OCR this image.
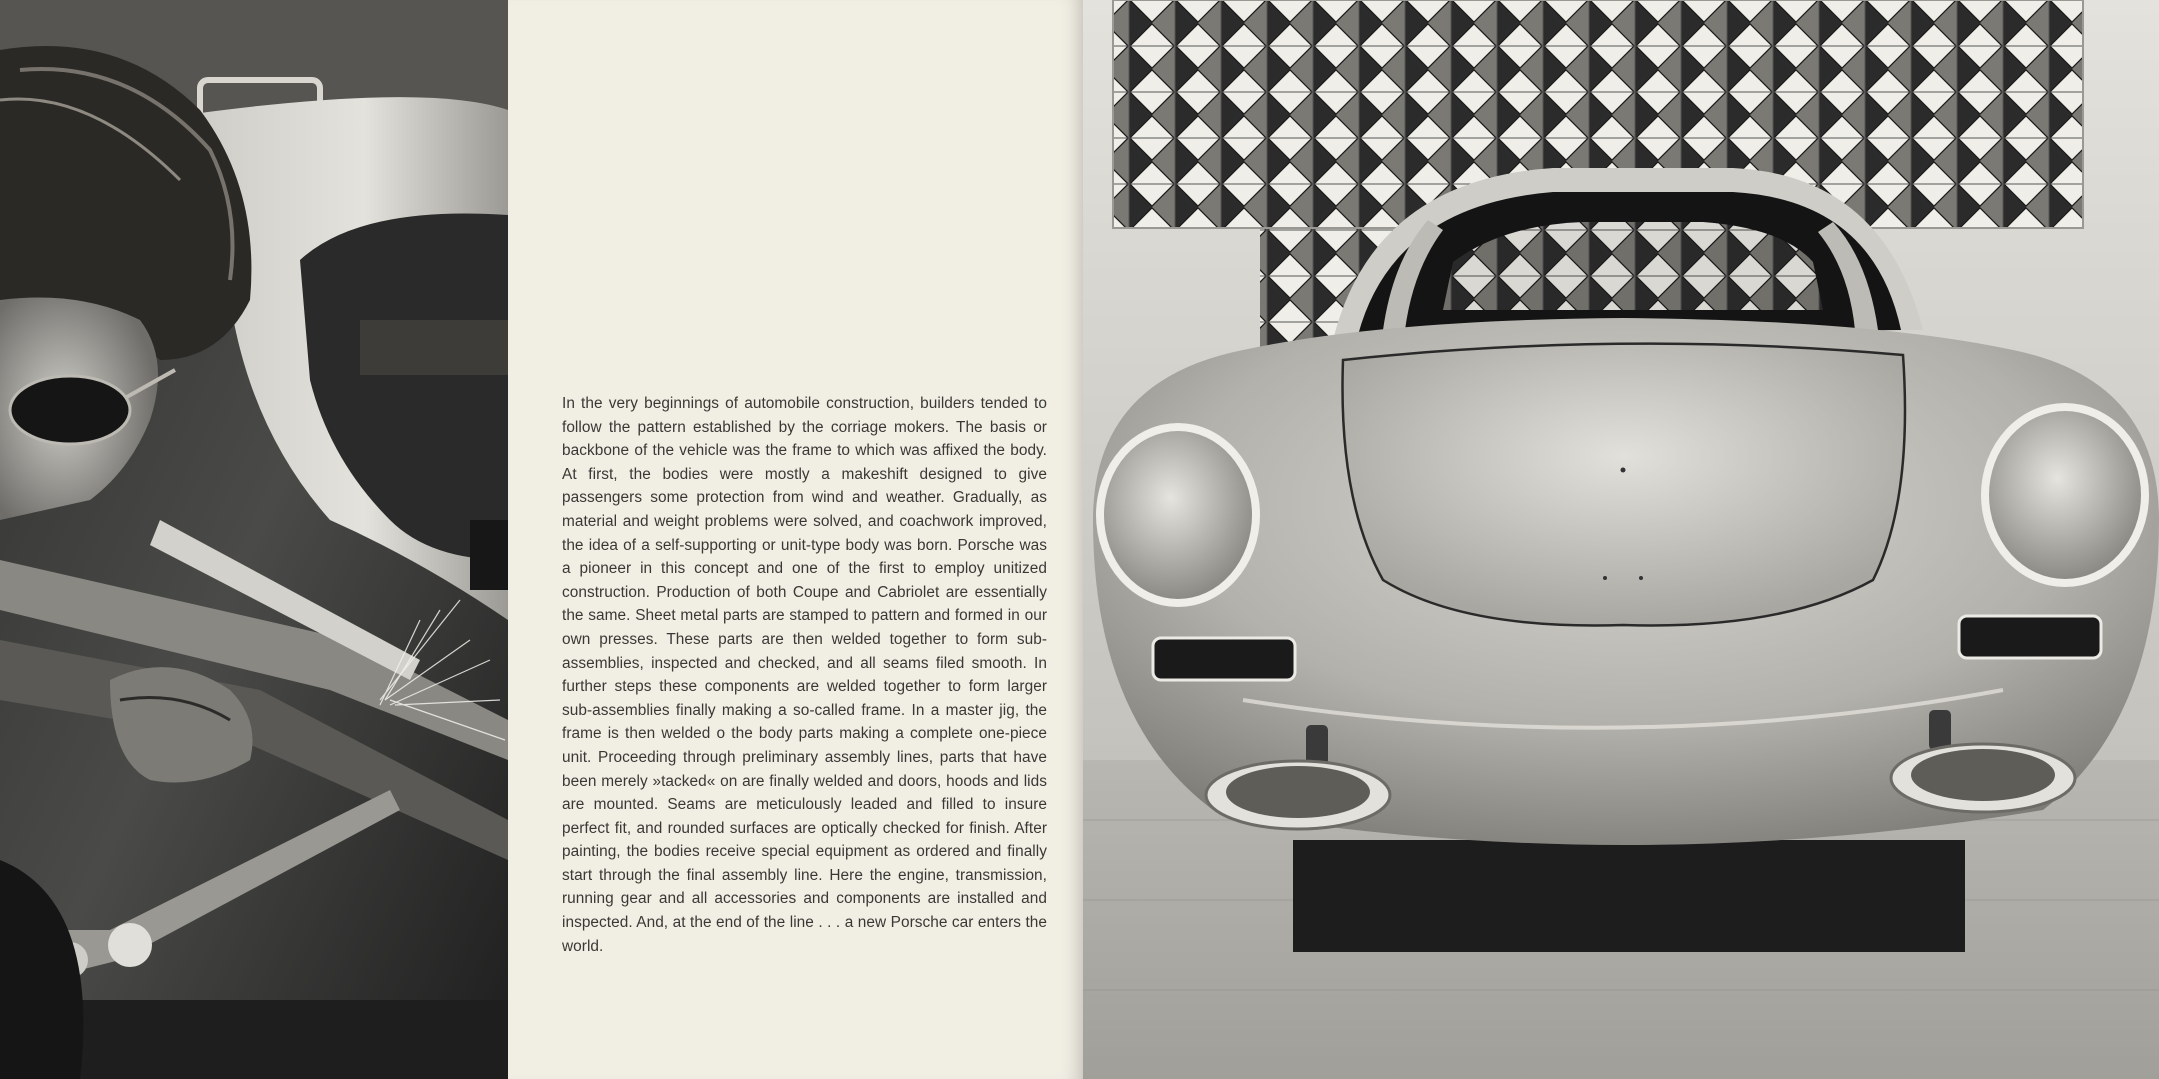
In the very beginnings of automobile construction, builders tended to follow the pattern established by the corriage mokers. The basis or backbone of the vehicle was the frame to which was affixed the body. At first, the bodies were mostly a makeshift designed to give passengers some protection from wind and weather. Gradually, as material and weight problems were solved, and coachwork improved, the idea of a self-supporting or unit-type body was born. Porsche was a pioneer in this concept and one of the first to employ unitized construction. Production of both Coupe and Cabriolet are essentially the same. Sheet metal parts are stamped to pattern and formed in our own presses. These parts are then welded together to form sub-assemblies, inspected and checked, and all seams filed smooth. In further steps these components are welded together to form larger sub-assemblies finally making a so-called frame. In a master jig, the frame is then welded o the body parts making a complete one-piece unit. Proceeding through preliminary assembly lines, parts that have been merely »tacked« on are finally welded and doors, hoods and lids are mounted. Seams are meticulously leaded and filled to insure perfect fit, and rounded surfaces are optically checked for finish. After painting, the bodies receive special equipment as ordered and finally start through the final assembly line. Here the engine, transmission, running gear and all accessories and components are installed and inspected. And, at the end of the line . . . a new Porsche car enters the world.
